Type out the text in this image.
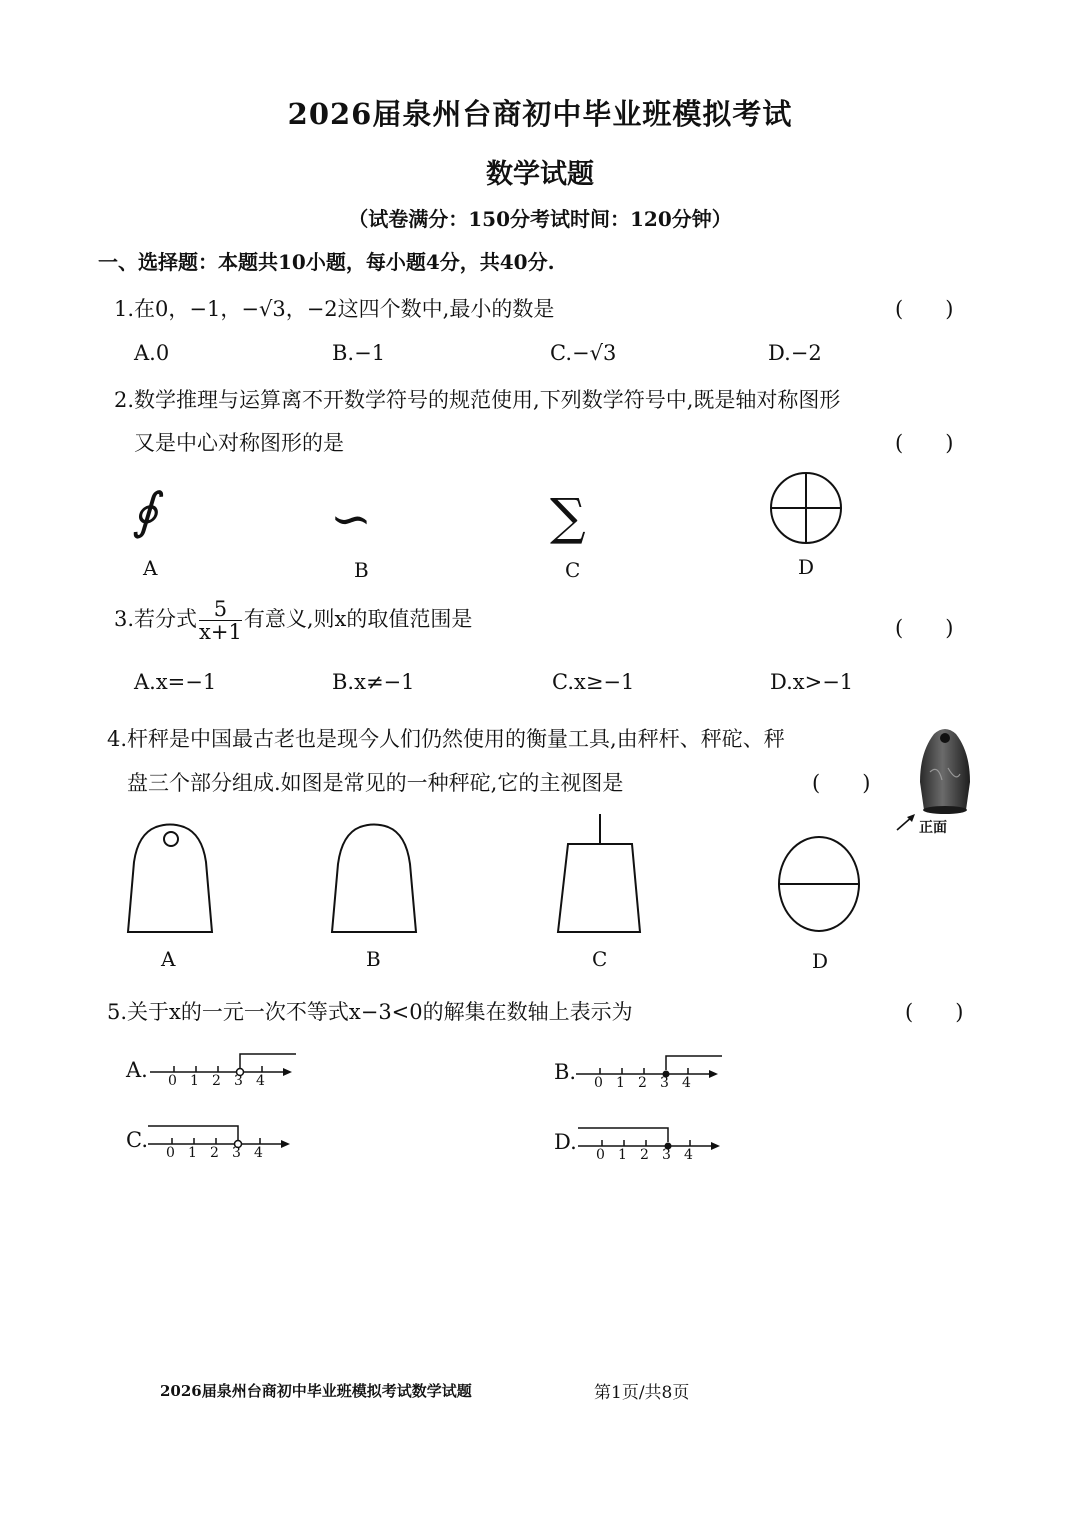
2026届泉州台商初中毕业班模拟考试
数学试题
（试卷满分：150分考试时间：120分钟）
一、选择题：本题共10小题，每小题4分，共40分.
1.在0，−1，−√3，−2这四个数中,最小的数是	(　　)
A.0	B.−1	C.−√3	D.−2
2.数学推理与运算离不开数学符号的规范使用,下列数学符号中,既是轴对称图形
又是中心对称图形的是	(　　)
∮	∽	∑
A	B	C	D
3.若分式 $\frac{5}{x+1}$ 有意义,则x的取值范围是	(　　)
A.x=−1	B.x≠−1	C.x≥−1	D.x>−1
4.杆秤是中国最古老也是现今人们仍然使用的衡量工具,由秤杆、秤砣、秤
盘三个部分组成.如图是常见的一种秤砣,它的主视图是	(　　)
正面
A	B	C	D
5.关于x的一元一次不等式x−3<0的解集在数轴上表示为	(　　)
A.	B.
C.	D.
0 1 2 3 4	0 1 2 3 4
0 1 2 3 4	0 1 2 3 4
2026届泉州台商初中毕业班模拟考试数学试题	第1页/共8页
